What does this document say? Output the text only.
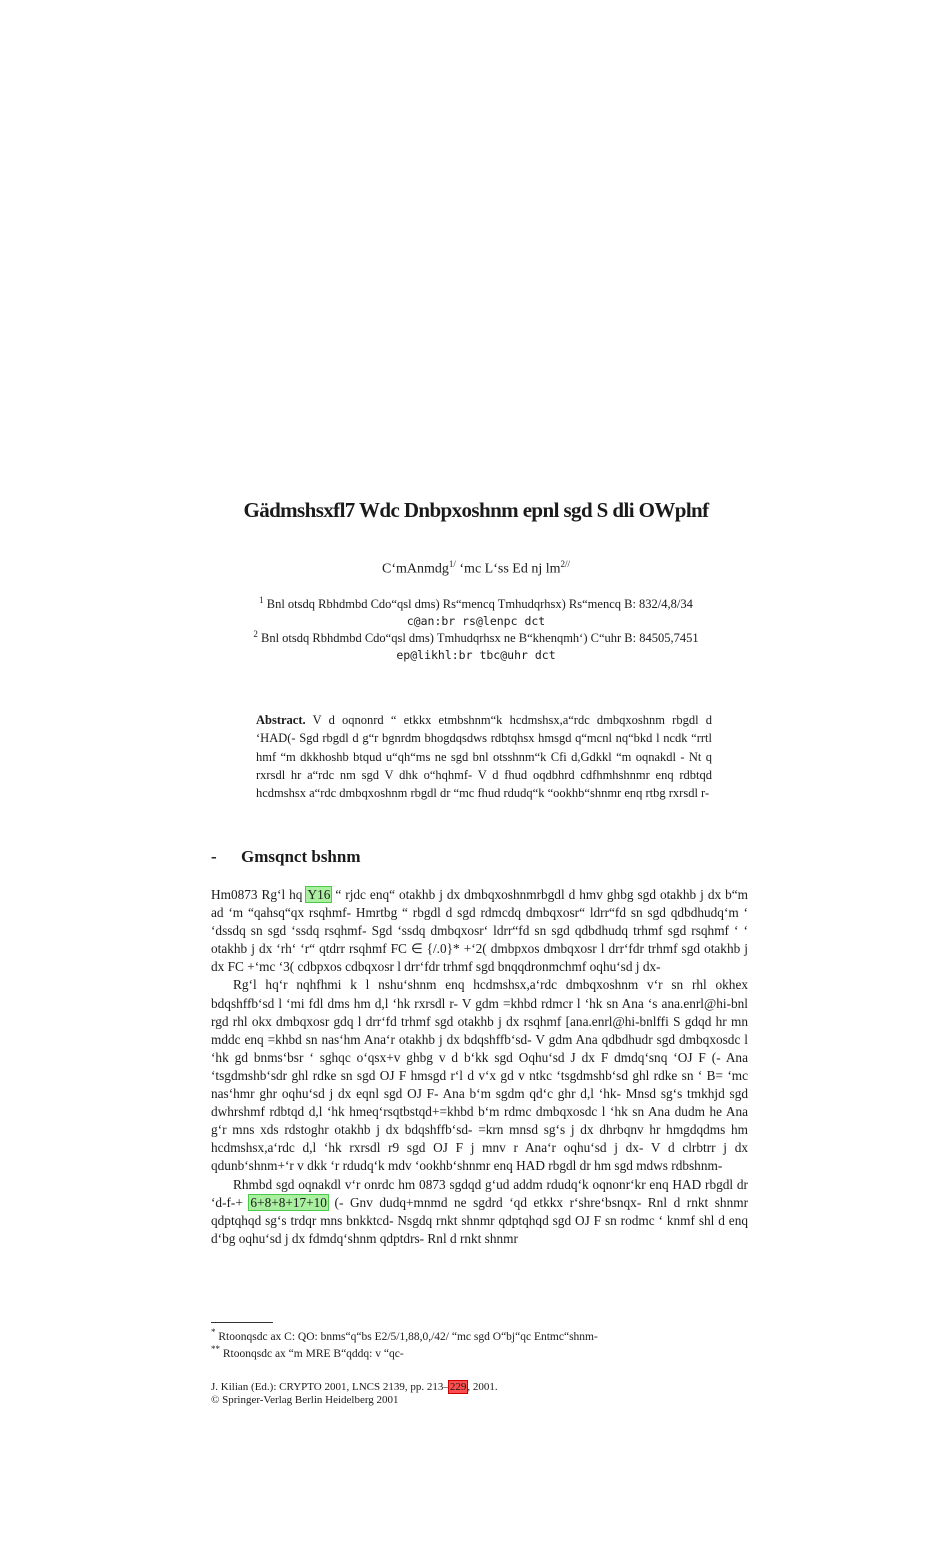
Gädmshsxfl7 Wdc Dnbpxoshnm epnl sgd S dli OWplnf
C‘mAnmdg$^{1/}$ ‘mc L‘ss Ed nj $lm^{2//}$
$^1$ Bnl otsdq Rbhdmbd Cdo“qsl dms) Rs“mencq Tmhudqrhsx) Rs“mencq B: 832/4,8/34
c@an:br rs@lenpc dct
$^2$ Bnl otsdq Rbhdmbd Cdo“qsl dms) Tmhudqrhsx ne B“khenqmh‘) C“uhr B: 84505,7451
ep@likhl:br tbc@uhr dct
Abstract. V d oqnonrd “ etkkx etmbshnm“k hcdmshsx,a“rdc dmbqxoshnm rbgdl d ‘HAD(- Sgd rbgdl d g“r bgnrdm bhogdqsdws rdbtqhsx hmsgd q“mcnl nq“bkd l ncdk “rrtl hmf “m dkkhoshb btqud u“qh“ms ne sgd bnl otsshnm“k Cfi d,Gdkkl “m oqnakdl - Nt q rxrsdl hr a“rdc nm sgd V dhk o“hqhmf- V d fhud oqdbhrd cdfhmhshnmr enq rdbtqd hcdmshsx a“rdc dmbqxoshnm rbgdl dr “mc fhud rdudq“k “ookhb“shnmr enq rtbg rxrsdl r-
- Gmsqnct bshnm

Hm0873 Rg‘l hq Y16 “ rjdc enq“ otakhb j dx dmbqxoshnmrbgdl d hmv ghbg sgd otakhb j dx b“m ad ‘m “qahsq“qx rsqhmf- Hmrtbg “ rbgdl d sgd rdmcdq dmbqxosr“ ldrr“fd sn sgd qdbdhudq‘m ‘ ‘dssdq sn sgd ‘ssdq rsqhmf- Sgd ‘ssdq dmbqxosr‘ ldrr“fd sn sgd qdbdhudq trhmf sgd rsqhmf ‘ ‘ otakhb j dx ‘rh‘ ‘r“ qtdrr rsqhmf FC ∈ {/.0}* +‘2( dmbpxos dmbqxosr l drr‘fdr trhmf sgd otakhb j dx FC +‘mc ‘3( cdbpxos cdbqxosr l drr‘fdr trhmf sgd bnqqdronmchmf oqhu‘sd j dx-

Rg‘l hq‘r nqhfhmi k l nshu‘shnm enq hcdmshsx,a‘rdc dmbqxoshnm v‘r sn rhl okhex bdqshffb‘sd l ‘mi fdl dms hm d,l ‘hk rxrsdl r- V gdm =khbd rdmcr l ‘hk sn Ana ‘s ana.enrl@hi-bnl rgd rhl okx dmbqxosr gdq l drr‘fd trhmf sgd otakhb j dx rsqhmf [ana.enrl@hi-bnlffi S gdqd hr mn mddc enq =khbd sn nas‘hm Ana‘r otakhb j dx bdqshffb‘sd- V gdm Ana qdbdhudr sgd dmbqxosdc l ‘hk gd bnms‘bsr ‘ sghqc o‘qsx+v ghbg v d b‘kk sgd Oqhu‘sd J dx F dmdq‘snq ‘OJ F (- Ana ‘tsgdmshb‘sdr ghl rdke sn sgd OJ F hmsgd r‘l d v‘x gd v ntkc ‘tsgdmshb‘sd ghl rdke sn ‘ B= ‘mc nas‘hmr ghr oqhu‘sd j dx eqnl sgd OJ F- Ana b‘m sgdm qd‘c ghr d,l ‘hk- Mnsd sg‘s tmkhjd sgd dwhrshmf rdbtqd d,l ‘hk hmeq‘rsqtbstqd+=khbd b‘m rdmc dmbqxosdc l ‘hk sn Ana dudm he Ana g‘r mns xds rdstoghr otakhb j dx bdqshffb‘sd- =krn mnsd sg‘s j dx dhrbqnv hr hmgdqdms hm hcdmshsx,a‘rdc d,l ‘hk rxrsdl r9 sgd OJ F j mnv r Ana‘r oqhu‘sd j dx- V d clrbtrr j dx qdunb‘shnm+‘r v dkk ‘r rdudq‘k mdv ‘ookhb‘shnmr enq HAD rbgdl dr hm sgd mdws rdbshnm-

Rhmbd sgd oqnakdl v‘r onrdc hm 0873 sgdqd g‘ud addm rdudq‘k oqnonr‘kr enq HAD rbgdl dr ‘d-f-+ 6+8+8+17+10 (- Gnv dudq+mnmd ne sgdrd ‘qd etkkx r‘shre‘bsnqx- Rnl d rnkt shnmr qdptqhqd sg‘s trdqr mns bnkktcd- Nsgdq rnkt shnmr qdptqhqd sgd OJ F sn rodmc ‘ knmf shl d enq d‘bg oqhu‘sd j dx fdmdq‘shnm qdptdrs- Rnl d rnkt shnmr

* Rtoonqsdc ax C: QO: bnms“q“bs E2/5/1,88,0,/42/ “mc sgd O“bj“qc Entmc“shnm-
** Rtoonqsdc ax “m MRE B“qddq: v “qc-
J. Kilian (Ed.): CRYPTO 2001, LNCS 2139, pp. 213–229, 2001.
© Springer-Verlag Berlin Heidelberg 2001
